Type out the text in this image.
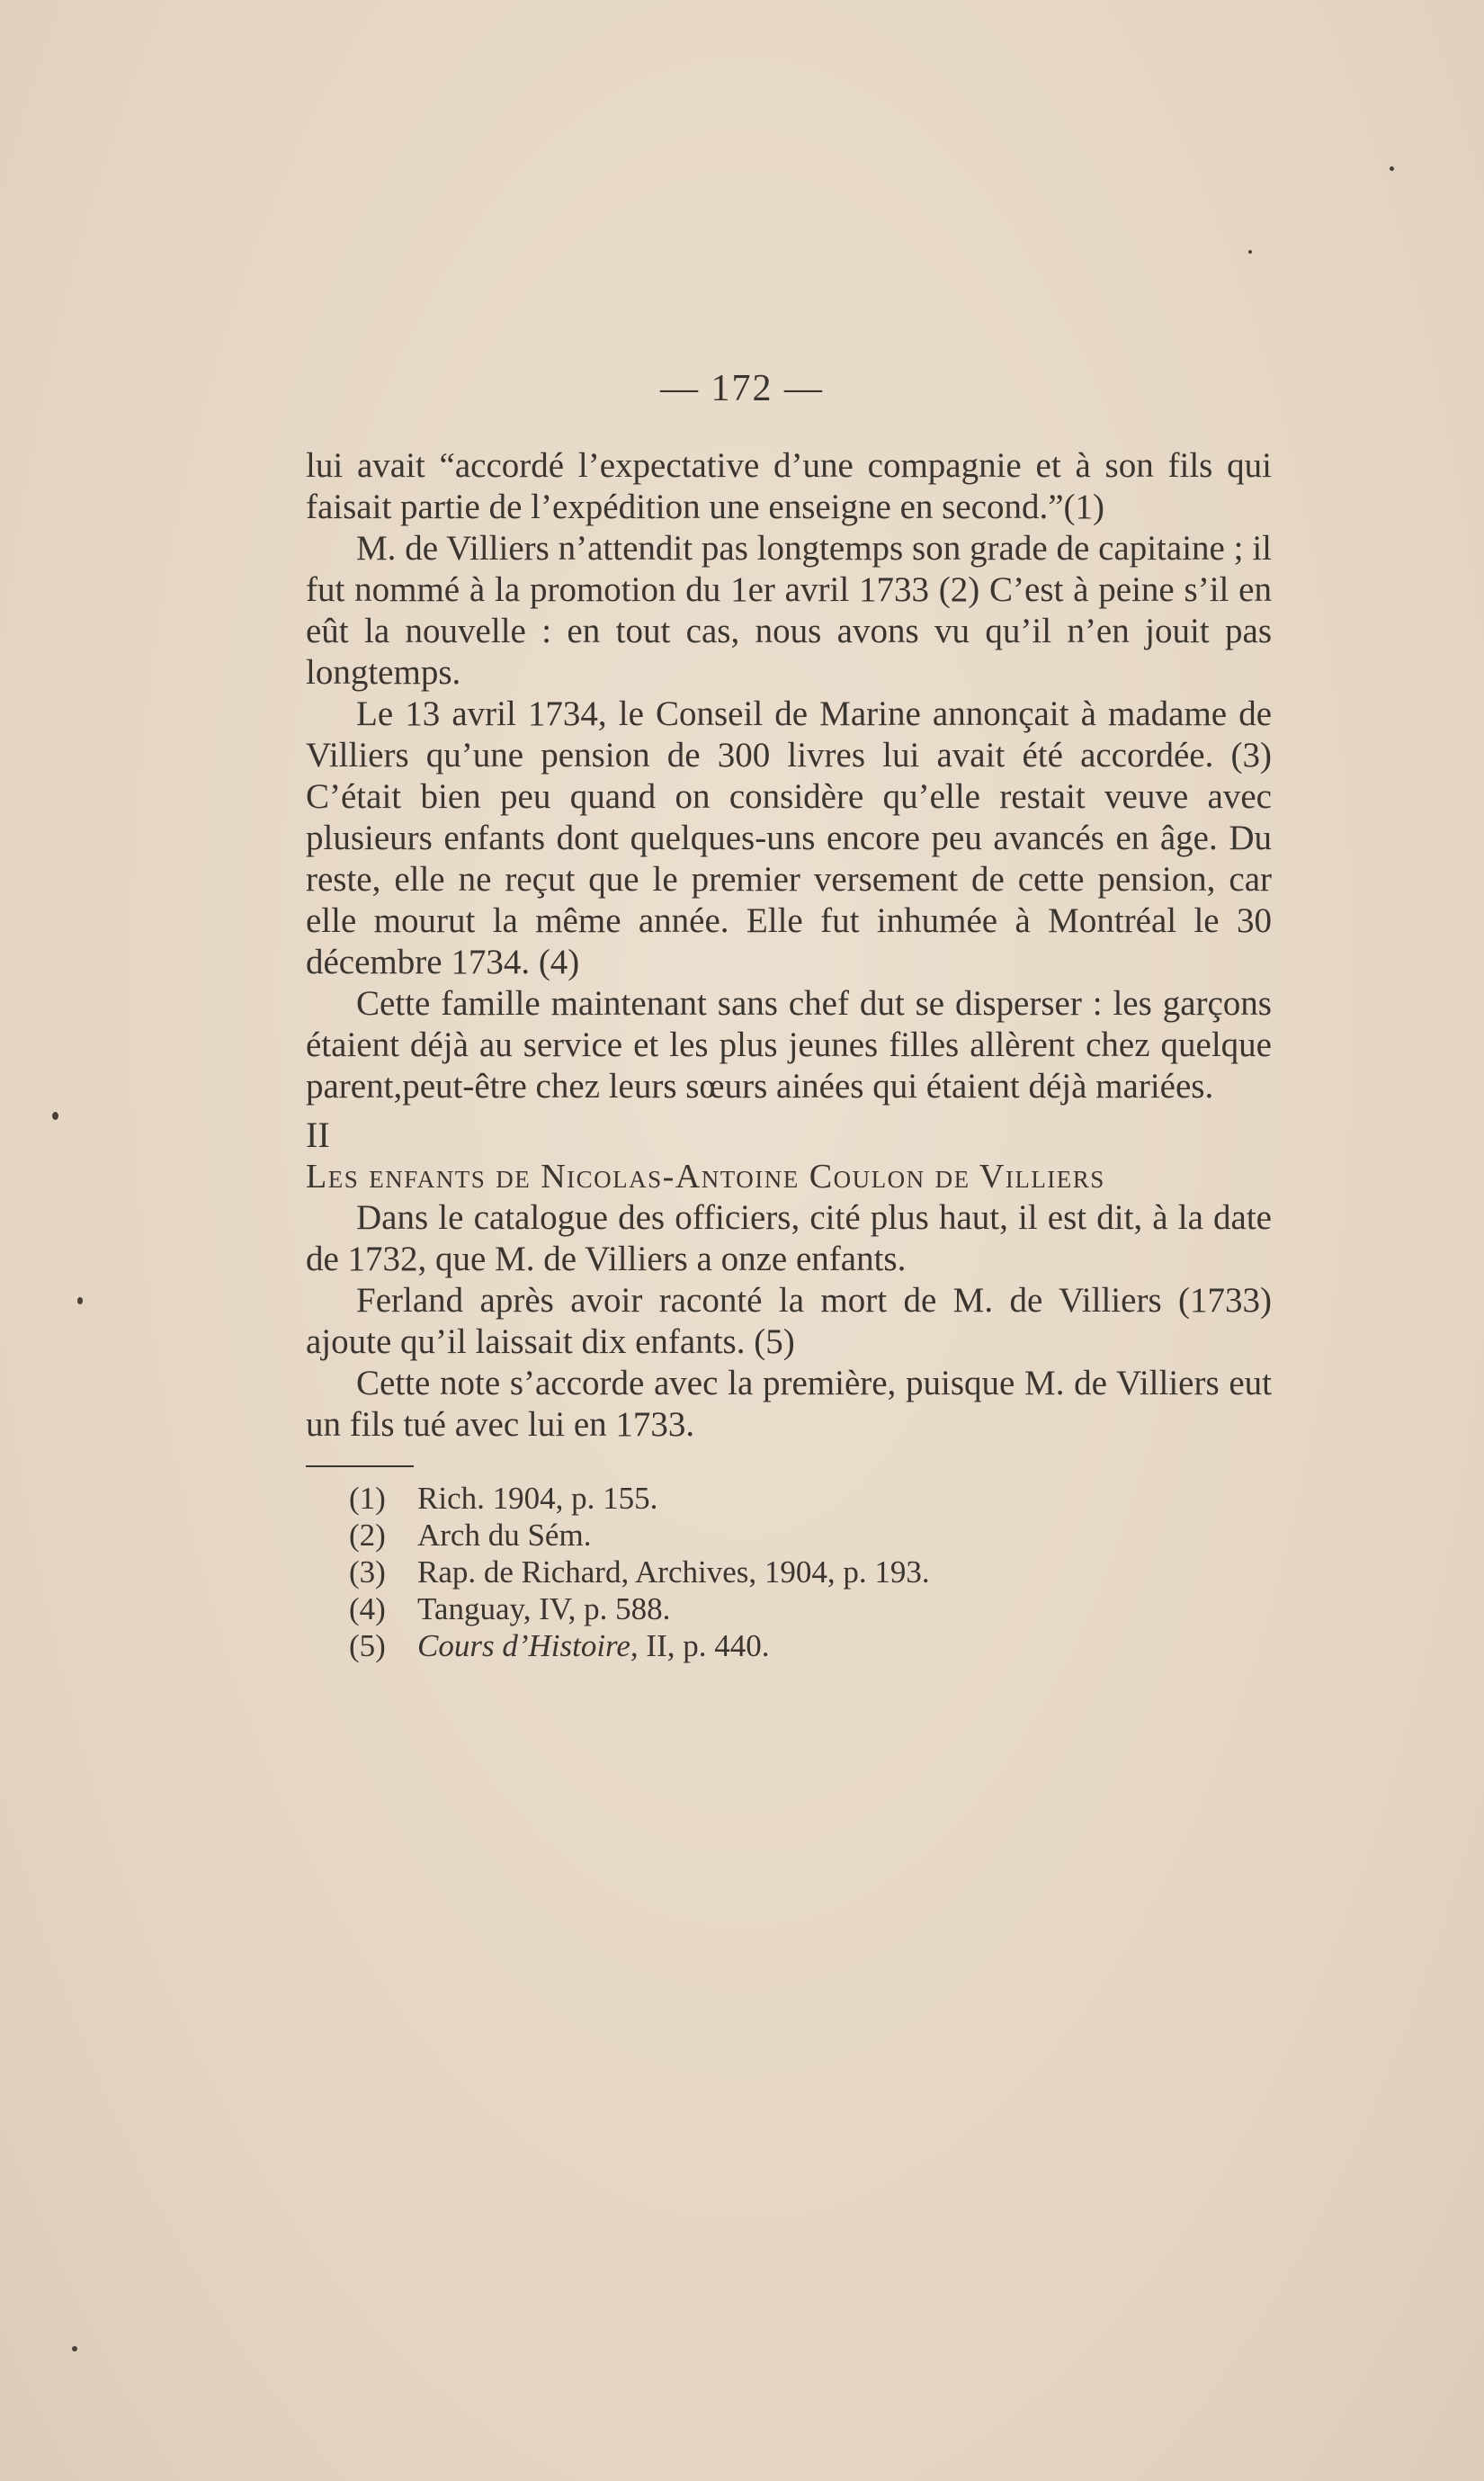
— 172 —

lui avait “accordé l’expectative d’une compagnie et à son fils qui faisait partie de l’expédition une enseigne en second.”(1)

M. de Villiers n’attendit pas longtemps son grade de capitaine ; il fut nommé à la promotion du 1er avril 1733 (2) C’est à peine s’il en eût la nouvelle : en tout cas, nous avons vu qu’il n’en jouit pas longtemps.

Le 13 avril 1734, le Conseil de Marine annonçait à madame de Villiers qu’une pension de 300 livres lui avait été accordée. (3) C’était bien peu quand on considère qu’elle restait veuve avec plusieurs enfants dont quelques-uns encore peu avancés en âge. Du reste, elle ne reçut que le premier versement de cette pension, car elle mourut la même année. Elle fut inhumée à Montréal le 30 décembre 1734. (4)

Cette famille maintenant sans chef dut se disperser : les garçons étaient déjà au service et les plus jeunes filles allèrent chez quelque parent,peut-être chez leurs sœurs ainées qui étaient déjà mariées.

II

Les enfants de Nicolas-Antoine Coulon de Villiers

Dans le catalogue des officiers, cité plus haut, il est dit, à la date de 1732, que M. de Villiers a onze enfants.

Ferland après avoir raconté la mort de M. de Villiers (1733) ajoute qu’il laissait dix enfants. (5)

Cette note s’accorde avec la première, puisque M. de Villiers eut un fils tué avec lui en 1733.

(1)	Rich. 1904, p. 155.
(2)	Arch du Sém.
(3)	Rap. de Richard, Archives, 1904, p. 193.
(4)	Tanguay, IV, p. 588.
(5)	Cours d’Histoire, II, p. 440.
